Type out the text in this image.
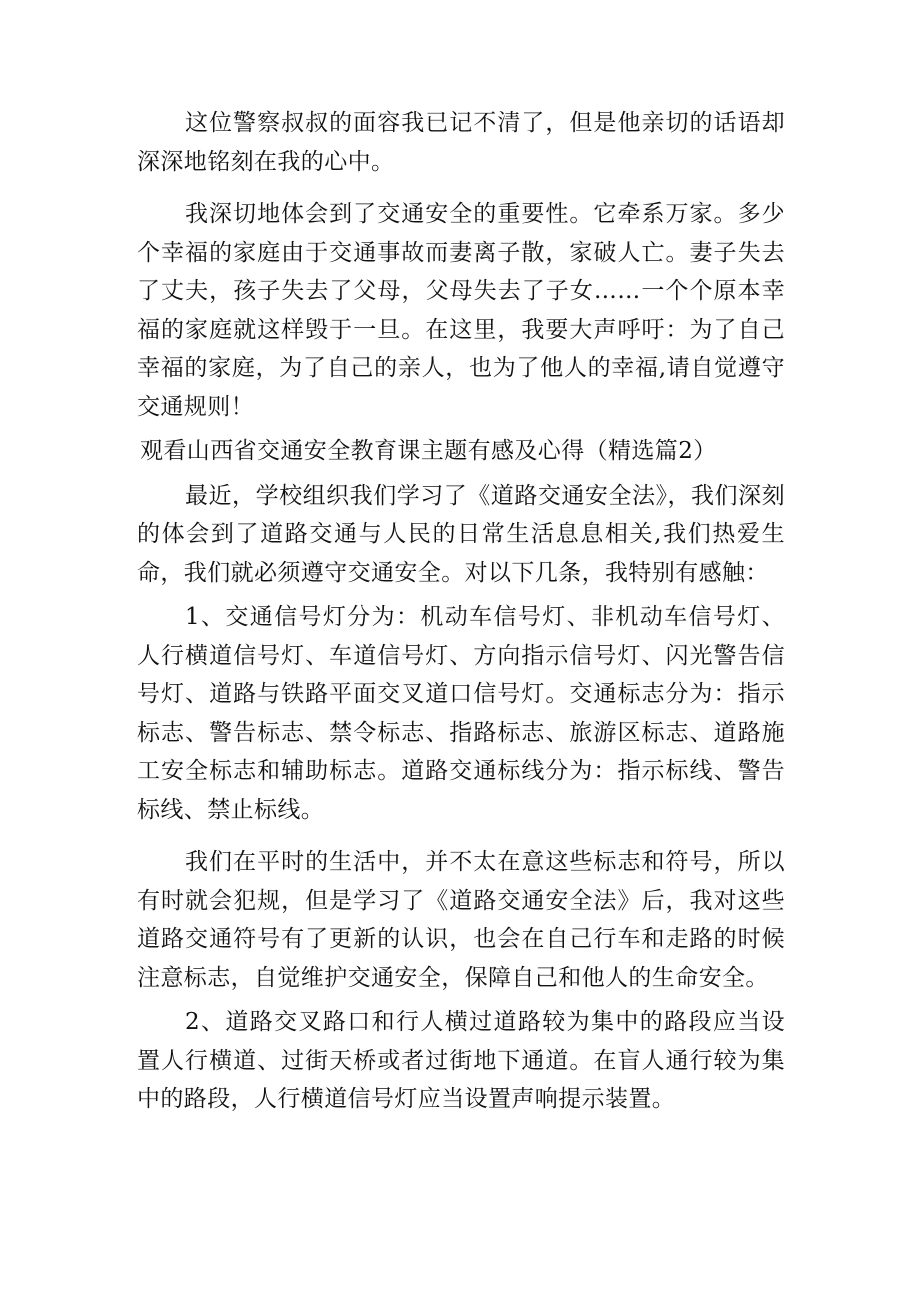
这位警察叔叔的面容我已记不清了，但是他亲切的话语却深深地铭刻在我的心中。

我深切地体会到了交通安全的重要性。它牵系万家。多少个幸福的家庭由于交通事故而妻离子散，家破人亡。妻子失去了丈夫，孩子失去了父母，父母失去了子女……一个个原本幸福的家庭就这样毁于一旦。在这里，我要大声呼吁：为了自己幸福的家庭，为了自己的亲人，也为了他人的幸福,请自觉遵守交通规则！

观看山西省交通安全教育课主题有感及心得（精选篇2）

最近，学校组织我们学习了《道路交通安全法》，我们深刻的体会到了道路交通与人民的日常生活息息相关,我们热爱生命，我们就必须遵守交通安全。对以下几条，我特别有感触：

1、交通信号灯分为：机动车信号灯、非机动车信号灯、人行横道信号灯、车道信号灯、方向指示信号灯、闪光警告信号灯、道路与铁路平面交叉道口信号灯。交通标志分为：指示标志、警告标志、禁令标志、指路标志、旅游区标志、道路施工安全标志和辅助标志。道路交通标线分为：指示标线、警告标线、禁止标线。

我们在平时的生活中，并不太在意这些标志和符号，所以有时就会犯规，但是学习了《道路交通安全法》后，我对这些道路交通符号有了更新的认识，也会在自己行车和走路的时候注意标志，自觉维护交通安全，保障自己和他人的生命安全。

2、道路交叉路口和行人横过道路较为集中的路段应当设置人行横道、过街天桥或者过街地下通道。在盲人通行较为集中的路段，人行横道信号灯应当设置声响提示装置。
